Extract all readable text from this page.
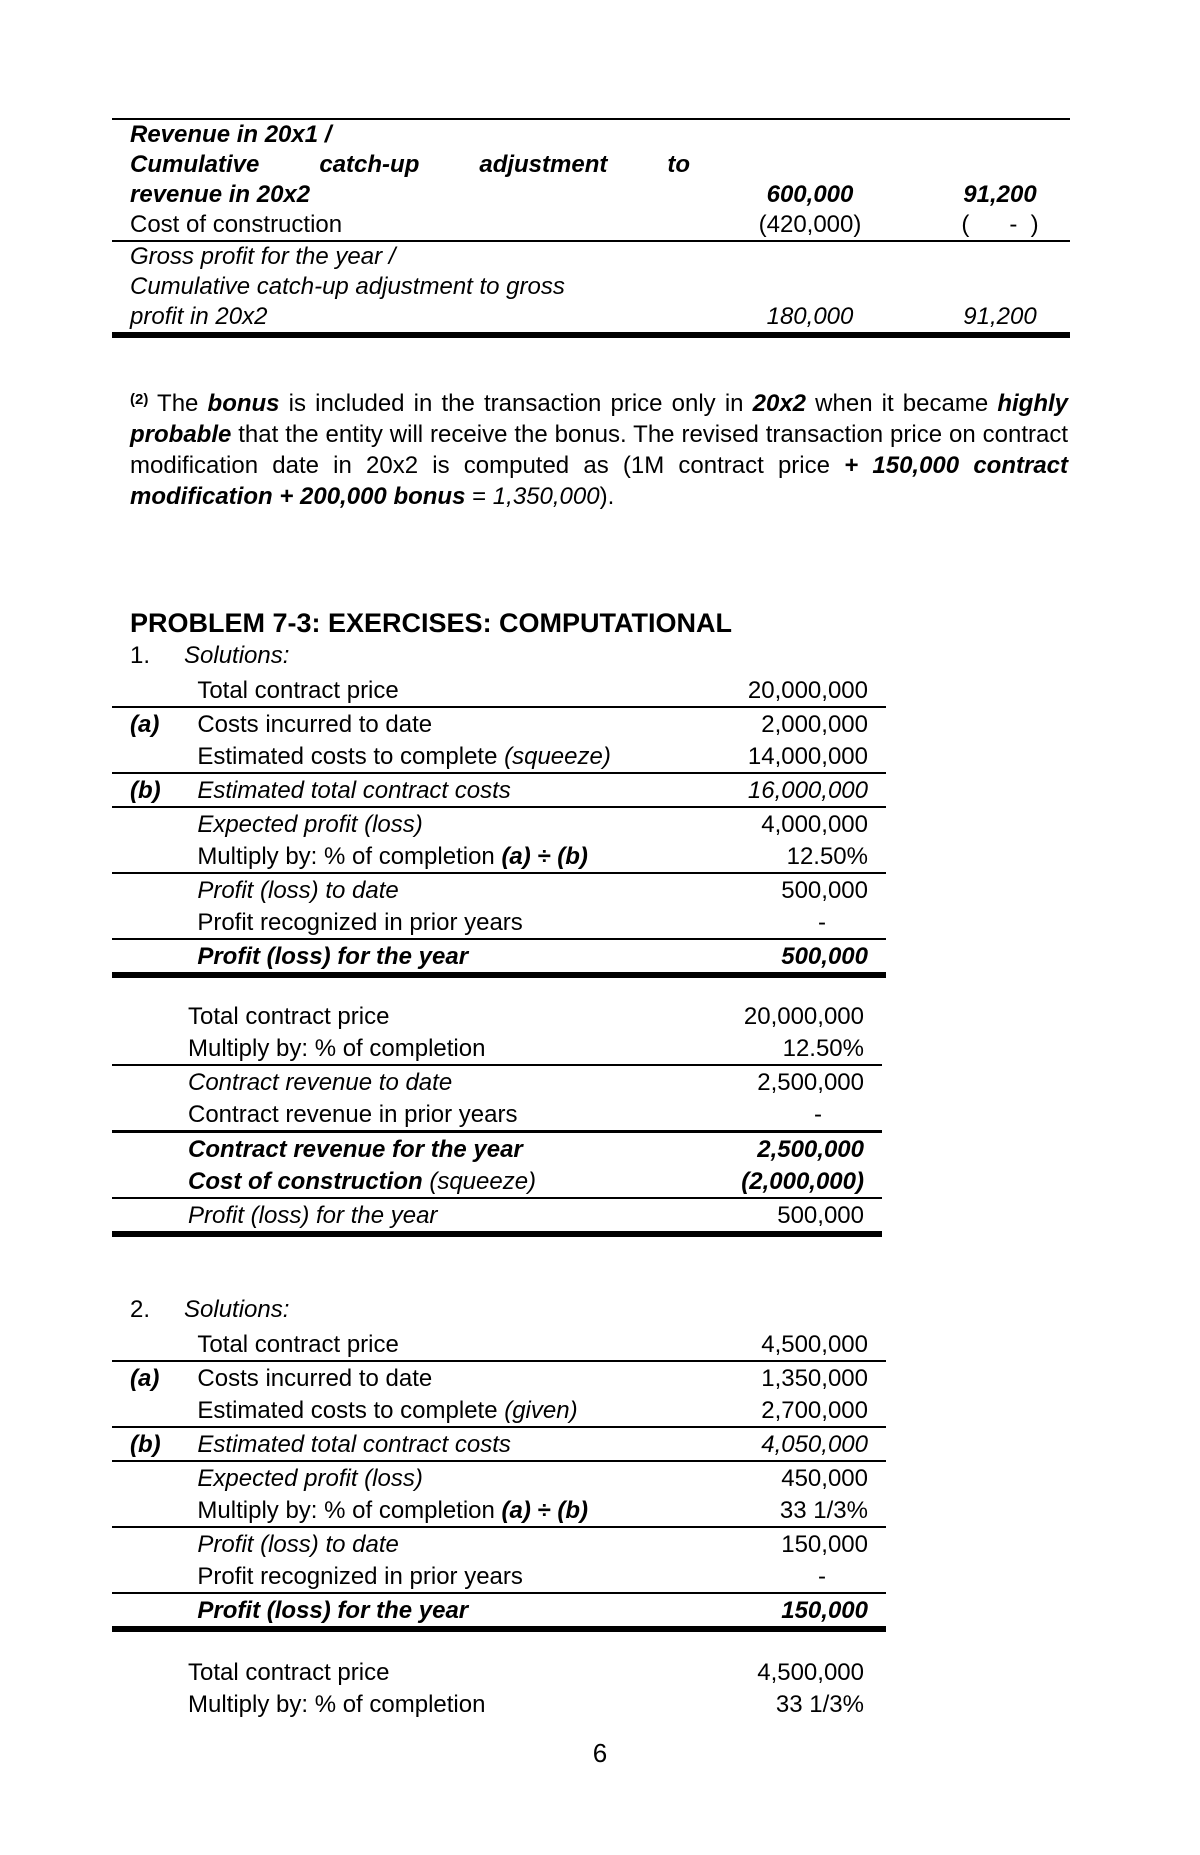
Revenue in 20x1 /
Cumulative catch-up adjustment to
revenue in 20x2	600,000	91,200
Cost of construction	(420,000)	(      -  )

Gross profit for the year /
Cumulative catch-up adjustment to gross
profit in 20x2	180,000	91,200
$^{(2)}$ The bonus is included in the transaction price only in 20x2 when it became highly probable that the entity will receive the bonus. The revised transaction price on contract modification date in 20x2 is computed as (1M contract price + 150,000 contract modification + 200,000 bonus = 1,350,000).
PROBLEM 7-3: EXERCISES: COMPUTATIONAL
1. Solutions:
	Total contract price	20,000,000
(a)	Costs incurred to date	2,000,000
	Estimated costs to complete (squeeze)	14,000,000
(b)	Estimated total contract costs	16,000,000
	Expected profit (loss)	4,000,000
	Multiply by: % of completion (a) ÷ (b)	12.50%
	Profit (loss) to date	500,000
	Profit recognized in prior years	-
	Profit (loss) for the year	500,000
Total contract price	20,000,000
Multiply by: % of completion	12.50%
Contract revenue to date	2,500,000
Contract revenue in prior years	-
Contract revenue for the year	2,500,000
Cost of construction (squeeze)	(2,000,000)
Profit (loss) for the year	500,000
2. Solutions:
	Total contract price	4,500,000
(a)	Costs incurred to date	1,350,000
	Estimated costs to complete (given)	2,700,000
(b)	Estimated total contract costs	4,050,000
	Expected profit (loss)	450,000
	Multiply by: % of completion (a) ÷ (b)	33 1/3%
	Profit (loss) to date	150,000
	Profit recognized in prior years	-
	Profit (loss) for the year	150,000
Total contract price	4,500,000
Multiply by: % of completion	33 1/3%
6
